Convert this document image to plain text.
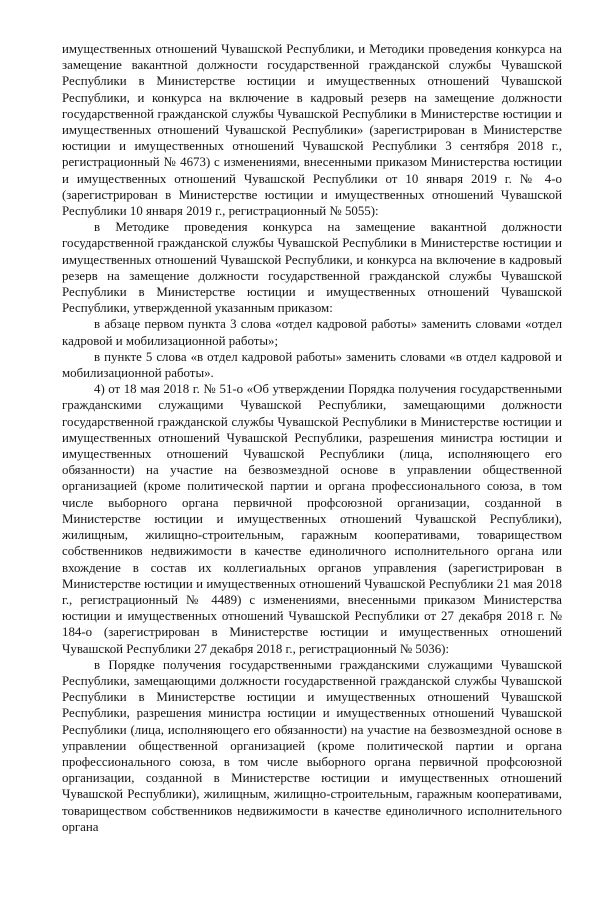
имущественных отношений Чувашской Республики, и Методики проведения конкурса на замещение вакантной должности государственной гражданской службы Чувашской Республики в Министерстве юстиции и имущественных отношений Чувашской Республики, и конкурса на включение в кадровый резерв на замещение должности государственной гражданской службы Чувашской Республики в Министерстве юстиции и имущественных отношений Чувашской Республики» (зарегистрирован в Министерстве юстиции и имущественных отношений Чувашской Республики 3 сентября 2018 г., регистрационный № 4673) с изменениями, внесенными приказом Министерства юстиции и имущественных отношений Чувашской Республики от 10 января 2019 г. № 4-о (зарегистрирован в Министерстве юстиции и имущественных отношений Чувашской Республики 10 января 2019 г., регистрационный № 5055):

в Методике проведения конкурса на замещение вакантной должности государственной гражданской службы Чувашской Республики в Министерстве юстиции и имущественных отношений Чувашской Республики, и конкурса на включение в кадровый резерв на замещение должности государственной гражданской службы Чувашской Республики в Министерстве юстиции и имущественных отношений Чувашской Республики, утвержденной указанным приказом:

в абзаце первом пункта 3 слова «отдел кадровой работы» заменить словами «отдел кадровой и мобилизационной работы»;

в пункте 5 слова «в отдел кадровой работы» заменить словами «в отдел кадровой и мобилизационной работы».

4) от 18 мая 2018 г. № 51-о «Об утверждении Порядка получения государственными гражданскими служащими Чувашской Республики, замещающими должности государственной гражданской службы Чувашской Республики в Министерстве юстиции и имущественных отношений Чувашской Республики, разрешения министра юстиции и имущественных отношений Чувашской Республики (лица, исполняющего его обязанности) на участие на безвозмездной основе в управлении общественной организацией (кроме политической партии и органа профессионального союза, в том числе выборного органа первичной профсоюзной организации, созданной в Министерстве юстиции и имущественных отношений Чувашской Республики), жилищным, жилищно-строительным, гаражным кооперативами, товариществом собственников недвижимости в качестве единоличного исполнительного органа или вхождение в состав их коллегиальных органов управления (зарегистрирован в Министерстве юстиции и имущественных отношений Чувашской Республики 21 мая 2018 г., регистрационный № 4489) с изменениями, внесенными приказом Министерства юстиции и имущественных отношений Чувашской Республики от 27 декабря 2018 г. № 184-о (зарегистрирован в Министерстве юстиции и имущественных отношений Чувашской Республики 27 декабря 2018 г., регистрационный № 5036):

в Порядке получения государственными гражданскими служащими Чувашской Республики, замещающими должности государственной гражданской службы Чувашской Республики в Министерстве юстиции и имущественных отношений Чувашской Республики, разрешения министра юстиции и имущественных отношений Чувашской Республики (лица, исполняющего его обязанности) на участие на безвозмездной основе в управлении общественной организацией (кроме политической партии и органа профессионального союза, в том числе выборного органа первичной профсоюзной организации, созданной в Министерстве юстиции и имущественных отношений Чувашской Республики), жилищным, жилищно-строительным, гаражным кооперативами, товариществом собственников недвижимости в качестве единоличного исполнительного органа
